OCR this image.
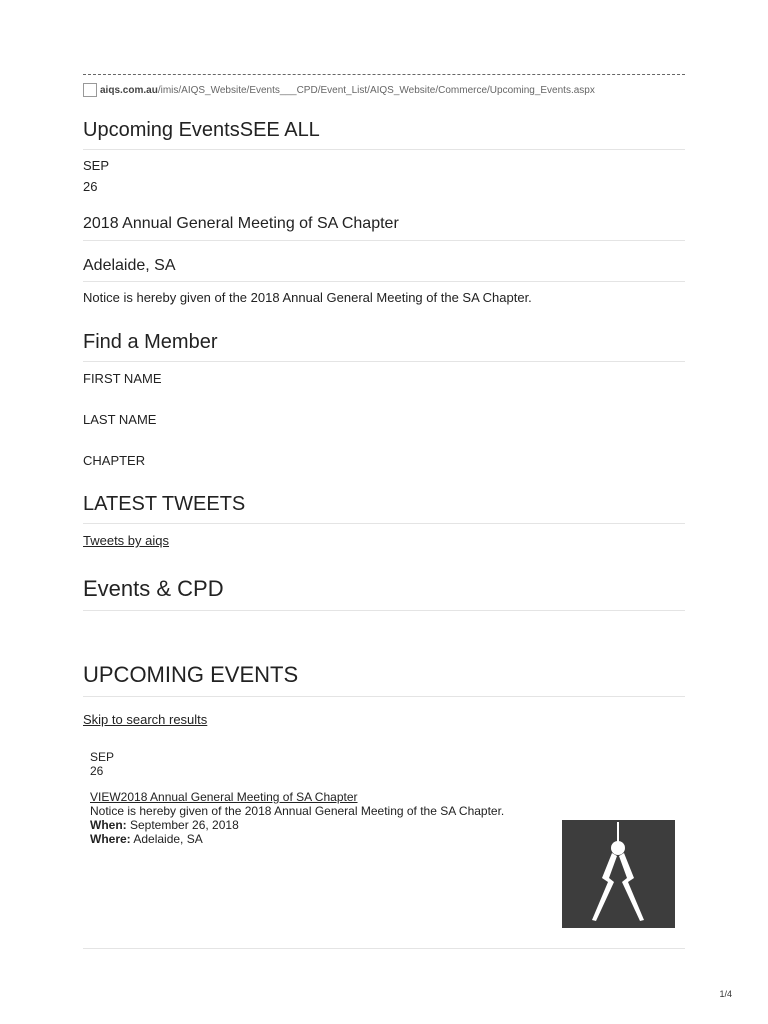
aiqs.com.au /imis/AIQS_Website/Events___CPD/Event_List/AIQS_Website/Commerce/Upcoming_Events.aspx
Upcoming EventsSEE ALL
SEP
26
2018 Annual General Meeting of SA Chapter
Adelaide, SA
Notice is hereby given of the 2018 Annual General Meeting of the SA Chapter.
Find a Member
FIRST NAME
LAST NAME
CHAPTER
LATEST TWEETS
Tweets by aiqs
Events & CPD
UPCOMING EVENTS
Skip to search results
SEP
26
VIEW2018 Annual General Meeting of SA Chapter
Notice is hereby given of the 2018 Annual General Meeting of the SA Chapter.
When: September 26, 2018
Where: Adelaide, SA
1/4
